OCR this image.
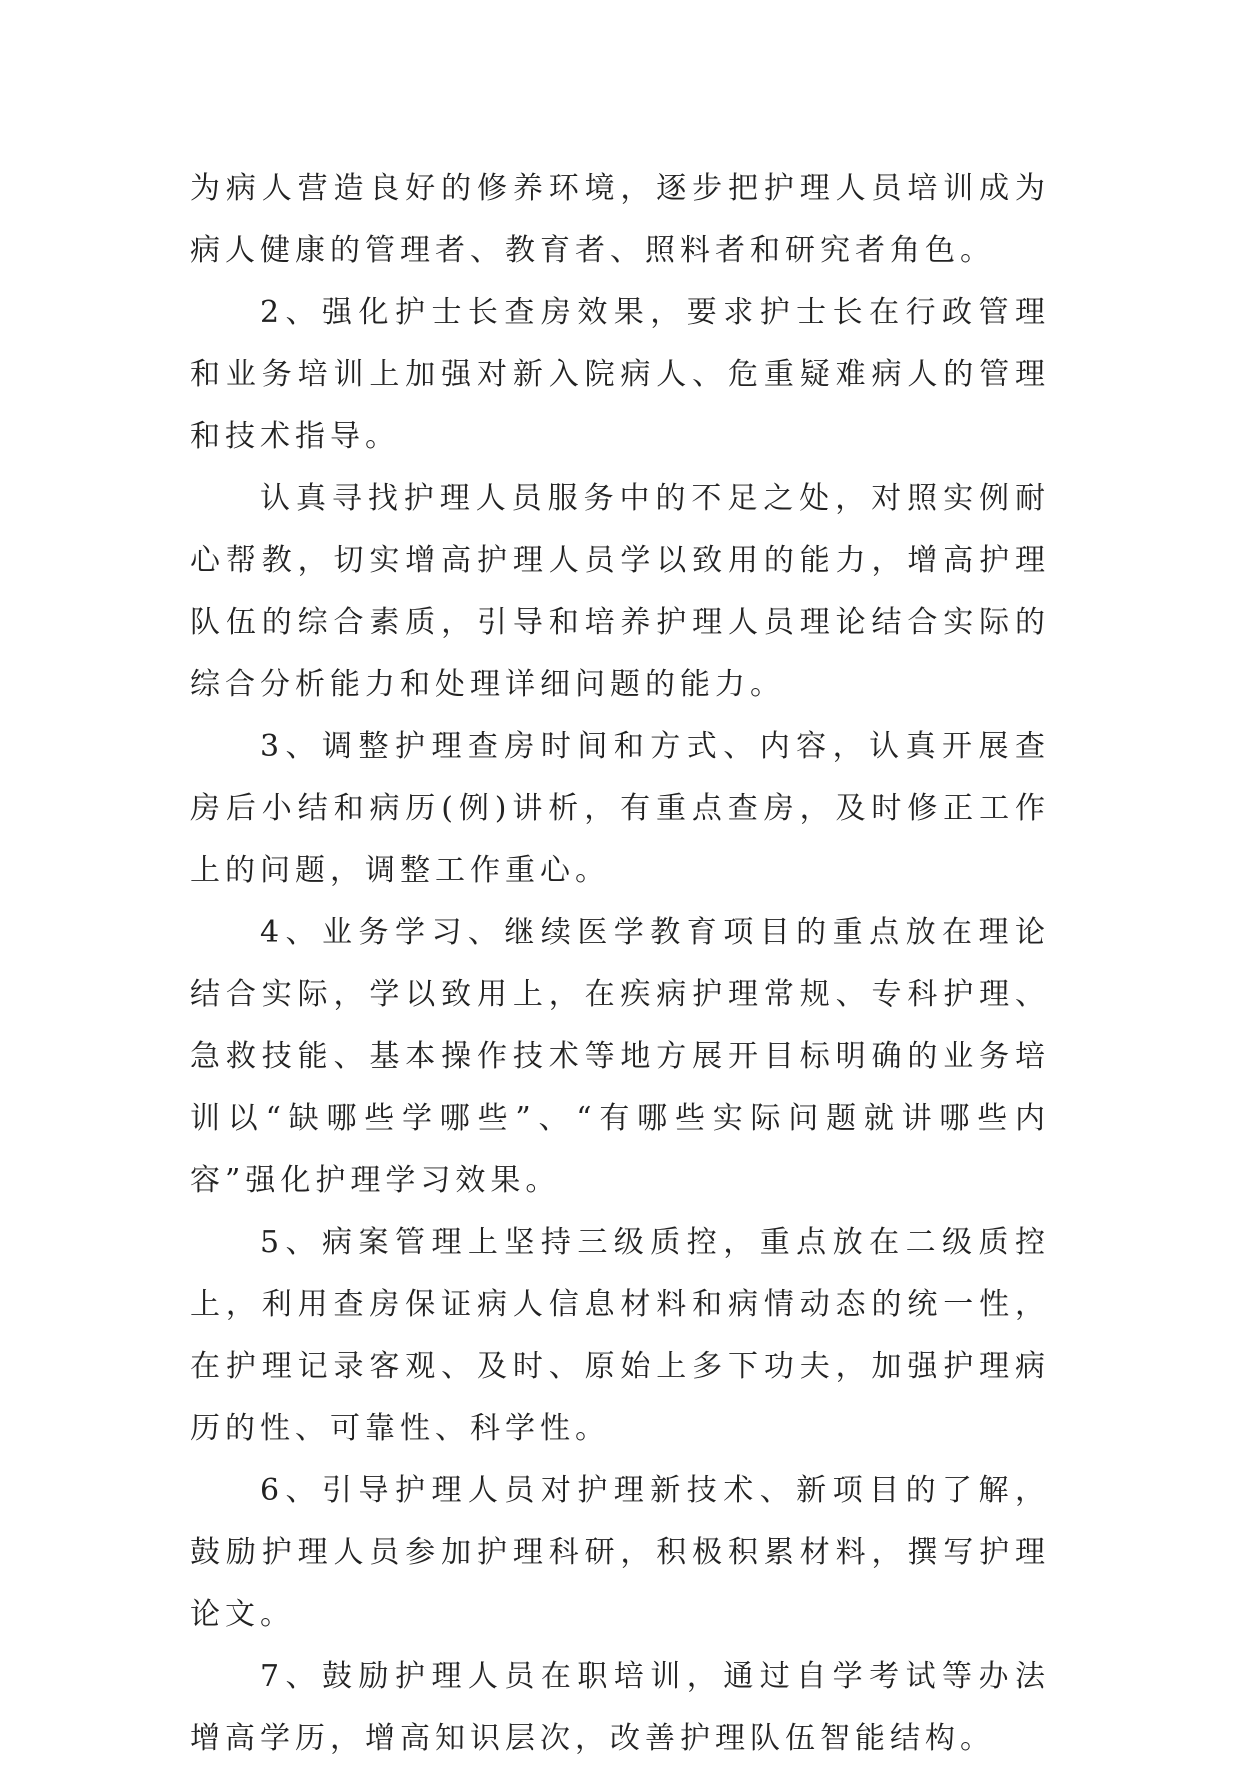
为病人营造良好的修养环境，逐步把护理人员培训成为病人健康的管理者、教育者、照料者和研究者角色。

2、强化护士长查房效果，要求护士长在行政管理和业务培训上加强对新入院病人、危重疑难病人的管理和技术指导。

认真寻找护理人员服务中的不足之处，对照实例耐心帮教，切实增高护理人员学以致用的能力，增高护理队伍的综合素质，引导和培养护理人员理论结合实际的综合分析能力和处理详细问题的能力。

3、调整护理查房时间和方式、内容，认真开展查房后小结和病历(例)讲析，有重点查房，及时修正工作上的问题，调整工作重心。

4、业务学习、继续医学教育项目的重点放在理论结合实际，学以致用上，在疾病护理常规、专科护理、急救技能、基本操作技术等地方展开目标明确的业务培训以“缺哪些学哪些”、“有哪些实际问题就讲哪些内容”强化护理学习效果。

5、病案管理上坚持三级质控，重点放在二级质控上，利用查房保证病人信息材料和病情动态的统一性，在护理记录客观、及时、原始上多下功夫，加强护理病历的性、可靠性、科学性。

6、引导护理人员对护理新技术、新项目的了解，鼓励护理人员参加护理科研，积极积累材料，撰写护理论文。

7、鼓励护理人员在职培训，通过自学考试等办法增高学历，增高知识层次，改善护理队伍智能结构。
